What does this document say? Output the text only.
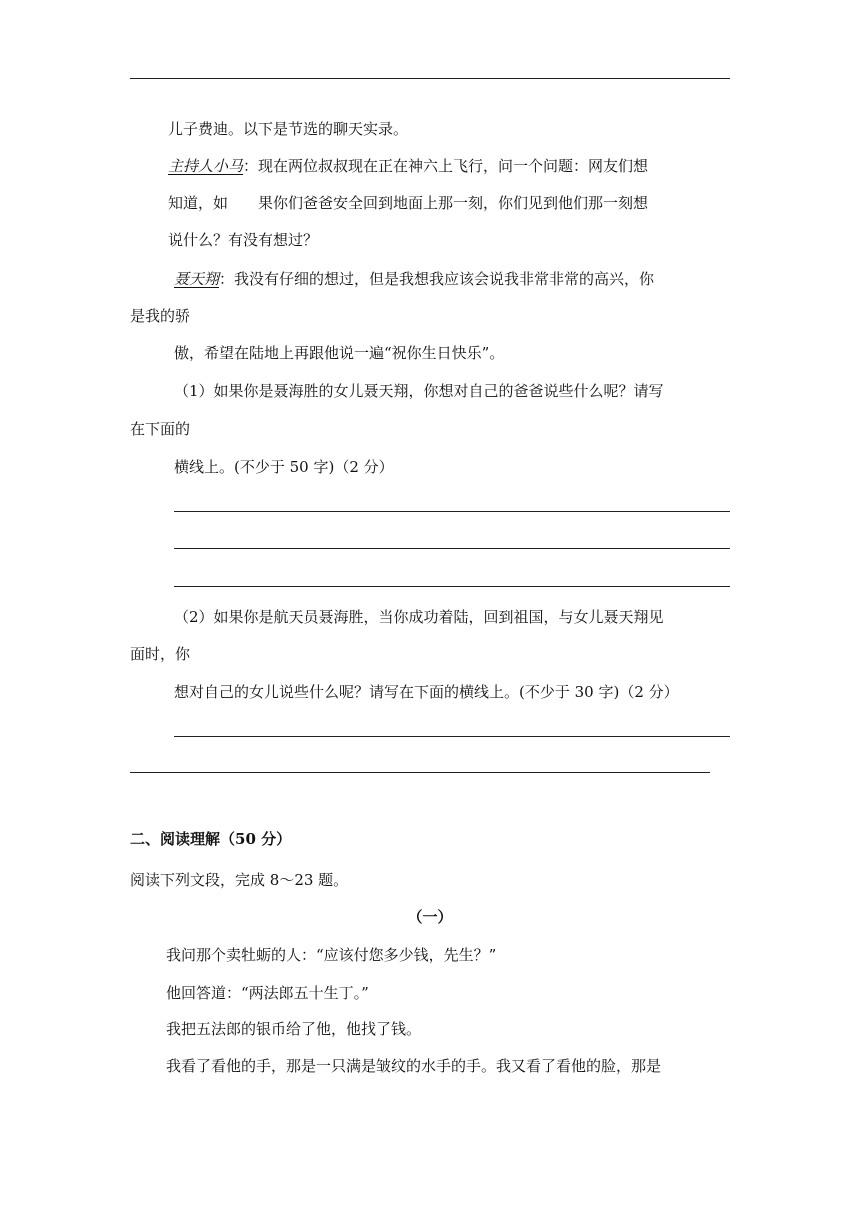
儿子费迪。以下是节选的聊天实录。
主持人小马：现在两位叔叔现在正在神六上飞行，问一个问题：网友们想
知道，如　　果你们爸爸安全回到地面上那一刻，你们见到他们那一刻想
说什么？有没有想过？
聂天翔：我没有仔细的想过，但是我想我应该会说我非常非常的高兴，你
是我的骄
傲，希望在陆地上再跟他说一遍“祝你生日快乐”。
（1）如果你是聂海胜的女儿聂天翔，你想对自己的爸爸说些什么呢？请写
在下面的
横线上。(不少于 50 字)（2 分）
（2）如果你是航天员聂海胜，当你成功着陆，回到祖国，与女儿聂天翔见
面时，你
想对自己的女儿说些什么呢？请写在下面的横线上。(不少于 30 字)（2 分）
二、阅读理解（50 分）
阅读下列文段，完成 8～23 题。
（一）
我问那个卖牡蛎的人：“应该付您多少钱，先生？”
他回答道：“两法郎五十生丁。”
我把五法郎的银币给了他，他找了钱。
我看了看他的手，那是一只满是皱纹的水手的手。我又看了看他的脸，那是
